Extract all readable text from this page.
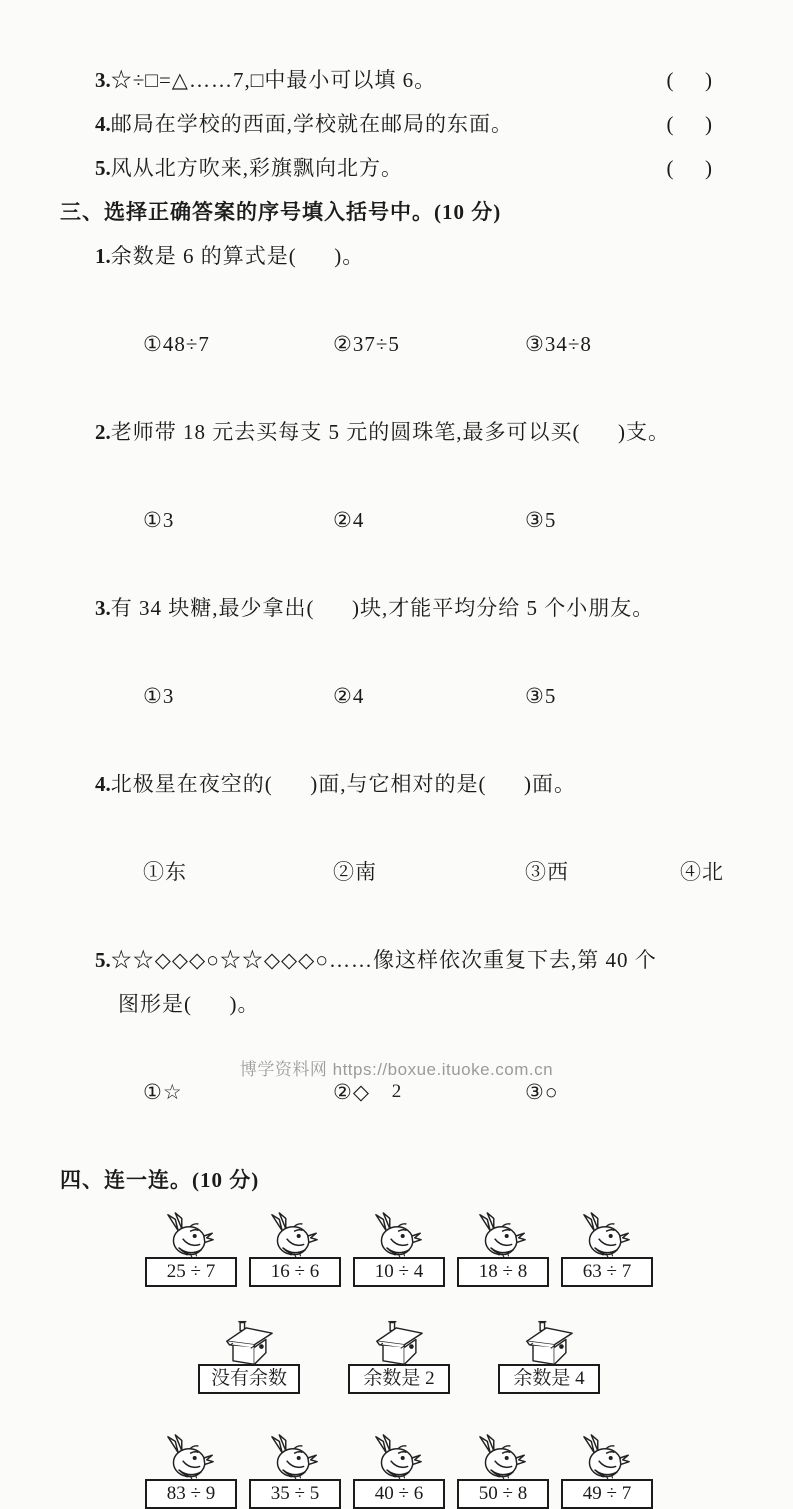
3.☆÷□=△……7,□中最小可以填 6。	(      )
4.邮局在学校的西面,学校就在邮局的东面。	(      )
5.风从北方吹来,彩旗飘向北方。	(      )
三、选择正确答案的序号填入括号中。(10 分)
1.余数是 6 的算式是(      )。

①48÷7	②37÷5	③34÷8

2.老师带 18 元去买每支 5 元的圆珠笔,最多可以买(      )支。

①3	②4	③5

3.有 34 块糖,最少拿出(      )块,才能平均分给 5 个小朋友。

①3	②4	③5

4.北极星在夜空的(      )面,与它相对的是(      )面。

①东	②南	③西	④北

5.☆☆◇◇◇○☆☆◇◇◇○……像这样依次重复下去,第 40 个
图形是(      )。

①☆	②◇	③○

四、连一连。(10 分)
25 ÷ 7	16 ÷ 6	10 ÷ 4	18 ÷ 8	63 ÷ 7
没有余数	余数是 2	余数是 4
83 ÷ 9	35 ÷ 5	40 ÷ 6	50 ÷ 8	49 ÷ 7
博学资料网 https://boxue.ituoke.com.cn
2
